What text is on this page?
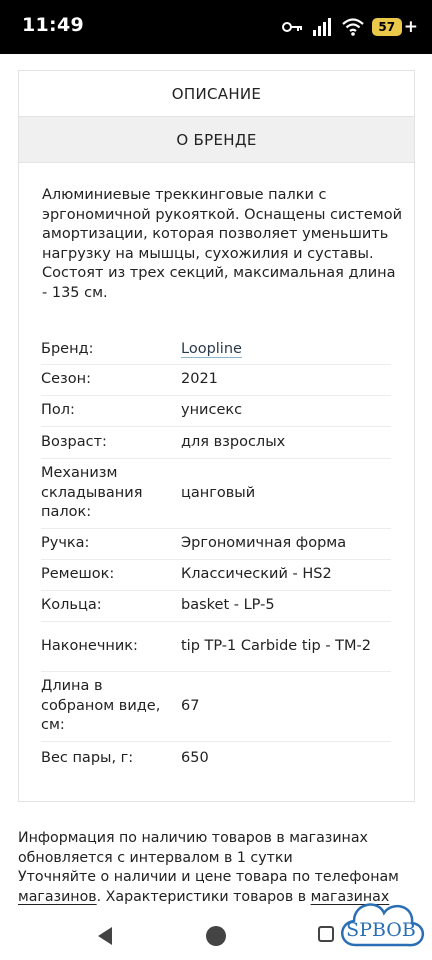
11:49	57 +
ОПИСАНИЕ
О БРЕНДЕ
Алюминиевые треккинговые палки с эргономичной рукояткой. Оснащены системой амортизации, которая позволяет уменьшить нагрузку на мышцы, сухожилия и суставы. Состоят из трех секций, максимальная длина - 135 см.
Бренд:	Loopline
Сезон:	2021
Пол:	унисекс
Возраст:	для взрослых
Механизм складывания палок:
цанговый
Ручка:	Эргономичная форма
Ремешок:	Классический - HS2
Кольца:	basket - LP-5
Наконечник:	tip TP-1 Carbide tip - TM-2
Длина в собраном виде, см:
67
Вес пары, г:	650
Информация по наличию товаров в магазинах обновляется с интервалом в 1 сутки
Уточняйте о наличии и цене товара по телефонам
магазинов. Характеристики товаров в магазинах
SPBOB
